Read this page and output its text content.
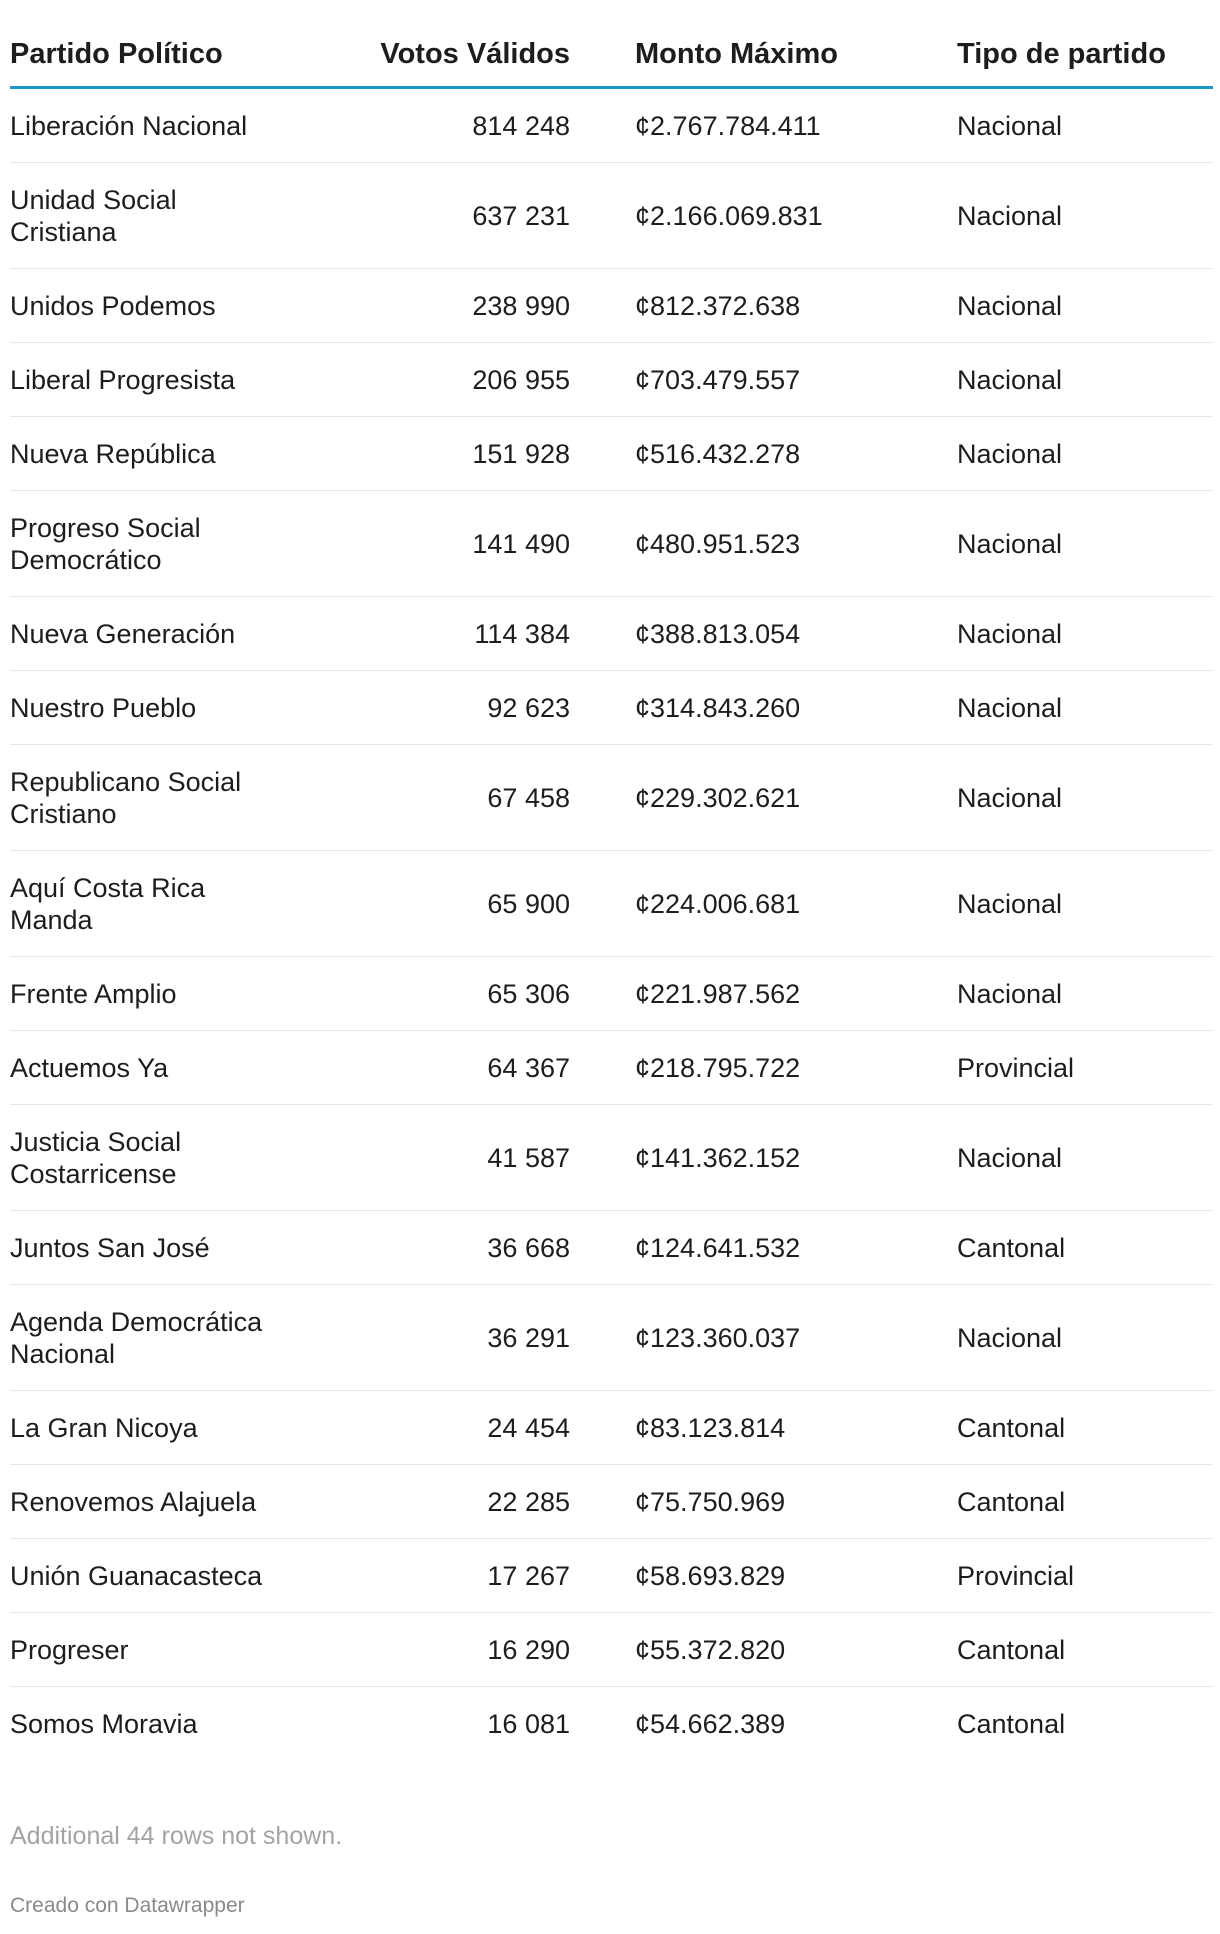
Partido Político	Votos Válidos	Monto Máximo	Tipo de partido
Liberación Nacional	814 248	¢2.767.784.411	Nacional
Unidad Social Cristiana	637 231	¢2.166.069.831	Nacional
Unidos Podemos	238 990	¢812.372.638	Nacional
Liberal Progresista	206 955	¢703.479.557	Nacional
Nueva República	151 928	¢516.432.278	Nacional
Progreso Social Democrático	141 490	¢480.951.523	Nacional
Nueva Generación	114 384	¢388.813.054	Nacional
Nuestro Pueblo	92 623	¢314.843.260	Nacional
Republicano Social Cristiano	67 458	¢229.302.621	Nacional
Aquí Costa Rica Manda	65 900	¢224.006.681	Nacional
Frente Amplio	65 306	¢221.987.562	Nacional
Actuemos Ya	64 367	¢218.795.722	Provincial
Justicia Social Costarricense	41 587	¢141.362.152	Nacional
Juntos San José	36 668	¢124.641.532	Cantonal
Agenda Democrática Nacional	36 291	¢123.360.037	Nacional
La Gran Nicoya	24 454	¢83.123.814	Cantonal
Renovemos Alajuela	22 285	¢75.750.969	Cantonal
Unión Guanacasteca	17 267	¢58.693.829	Provincial
Progreser	16 290	¢55.372.820	Cantonal
Somos Moravia	16 081	¢54.662.389	Cantonal
Additional 44 rows not shown.
Creado con Datawrapper
